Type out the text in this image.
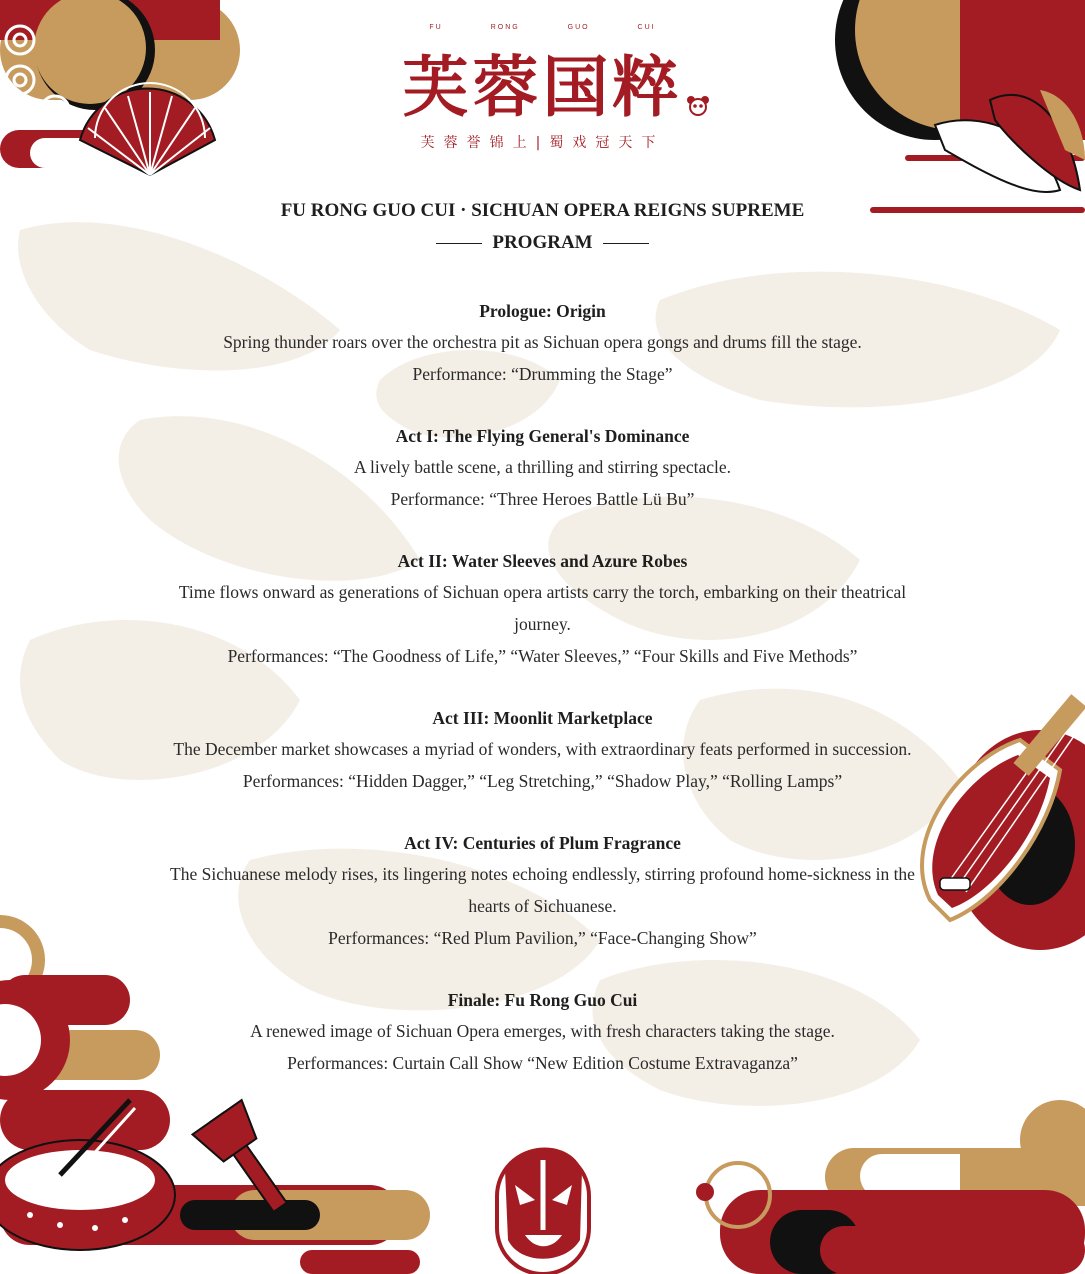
FU	RONG	GUO	CUI
芙蓉国粹
芙蓉誉锦上|蜀戏冠天下
FU RONG GUO CUI · SICHUAN OPERA REIGNS SUPREME
PROGRAM
Prologue: Origin
Spring thunder roars over the orchestra pit as Sichuan opera gongs and drums fill the stage.
Performance: “Drumming the Stage”
Act I: The Flying General's Dominance
A lively battle scene, a thrilling and stirring spectacle.
Performance: “Three Heroes Battle Lü Bu”
Act II: Water Sleeves and Azure Robes
Time flows onward as generations of Sichuan opera artists carry the torch, embarking on their theatrical journey.
Performances: “The Goodness of Life,” “Water Sleeves,” “Four Skills and Five Methods”
Act III: Moonlit Marketplace
The December market showcases a myriad of wonders, with extraordinary feats performed in succession.
Performances: “Hidden Dagger,” “Leg Stretching,” “Shadow Play,” “Rolling Lamps”
Act IV: Centuries of Plum Fragrance
The Sichuanese melody rises, its lingering notes echoing endlessly, stirring profound home-sickness in the hearts of Sichuanese.
Performances: “Red Plum Pavilion,” “Face-Changing Show”
Finale: Fu Rong Guo Cui
A renewed image of Sichuan Opera emerges, with fresh characters taking the stage.
Performances: Curtain Call Show “New Edition Costume Extravaganza”
